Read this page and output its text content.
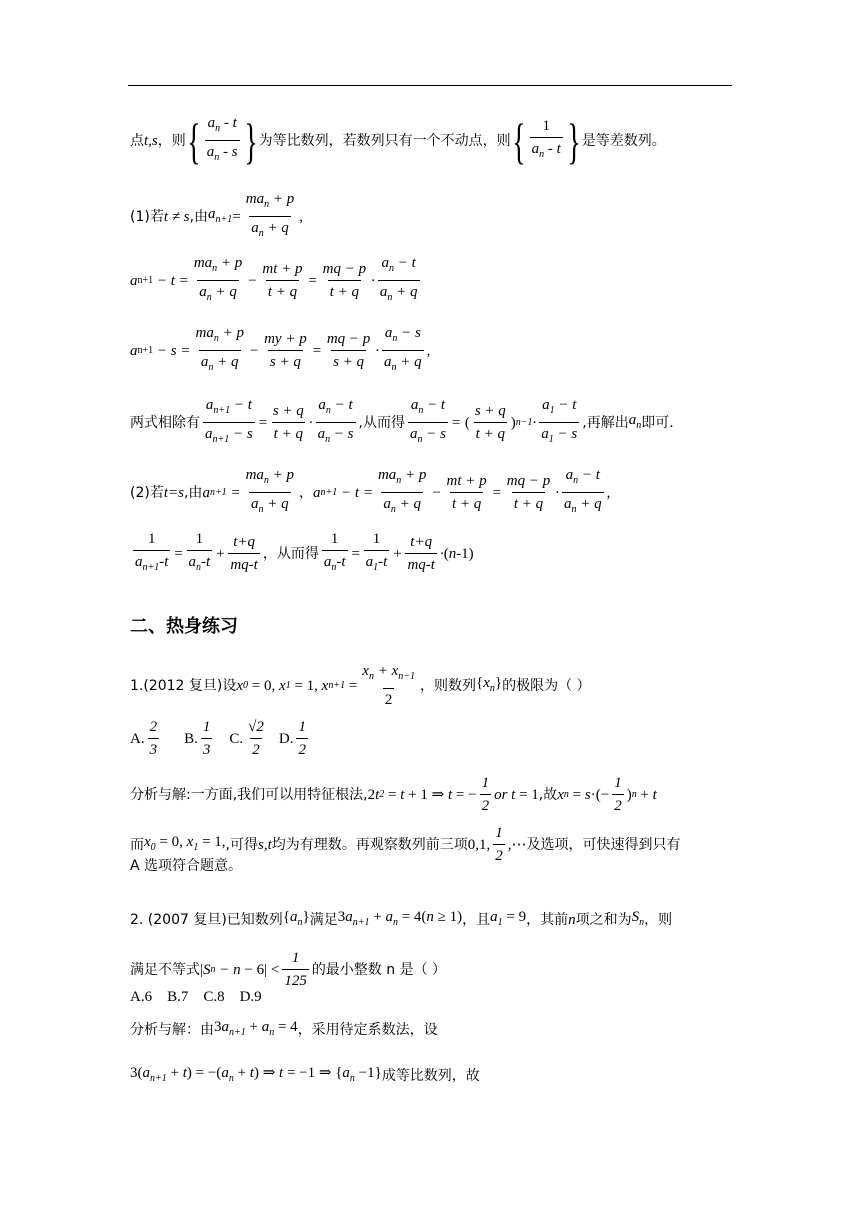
点 t,s ，则 { $\frac{a_n - t}{a_n - s}$ } 为等比数列，若数列只有一个不动点，则 { $\frac{1}{a_n - t}$ } 是等差数列。
(1)若 t ≠ s ,由 $a_{n+1} = \frac{ma_n + p}{a_n + q}$ ,
a $n+1 - t = \frac{ma_n + p}{a_n + q} - \frac{mt + p}{t + q} = \frac{mq - p}{t + q} \cdot \frac{a_n - t}{a_n + q}$
a $n+1 - s = \frac{ma_n + p}{a_n + q} - \frac{my + p}{s + q} = \frac{mq - p}{s + q} \cdot \frac{a_n - s}{a_n + q}$ ,
两式相除有 $\frac{a_{n+1} - t}{a_{n+1} - s} = \frac{s + q}{t + q} \cdot \frac{a_n - t}{a_n - s}$ ,从而得 $\frac{a_n - t}{a_n - s}$ = ( $\frac{s + q}{t + q}$ ) $n-1 \cdot \frac{a_1 - t}{a_1 - s}$ ,再解出 $a_n$ 即可.
(2)若 t=s ,由 a $n+1 = \frac{ma_n + p}{a_n + q}$ ， a $n+1 - t = \frac{ma_n + p}{a_n + q} - \frac{mt + p}{t + q} = \frac{mq - p}{t + q} \cdot \frac{a_n - t}{a_n + q}$ ,
$\frac{1}{a_{n+1}-t} = \frac{1}{a_n-t} + \frac{t+q}{mq-t}$ ，从而得 $\frac{1}{a_n-t} = \frac{1}{a_1-t} + \frac{t+q}{mq-t}$ · ( n -1)
二、热身练习
1.(2012 复旦)设 x 0
= 0, x 1
= 1, x n+1
= $\frac{x_n + x_{n-1}}{2}$ ，则数列 $\{x_n\}$ 的极限为（ ）
A. $\frac{2}{3} B$. $\frac{1}{3} C$. $\frac{√2}{2} D$. $\frac{1}{2}$
分析与解:一方面,我们可以用特征根法, 2 t 2
= t + 1 ⇒ t = − $\frac{1}{2}$ or t = 1 ,故 x n
= s ·(− $\frac{1}{2}$ ) n
+ t
而 $x_0 = 0$, $x_1 = 1$, ,可得 s,t 均为有理数。再观察数列前三项 0,1, $\frac{1}{2}$ ,⋯ 及选项，可快速得到只有
A 选项符合题意。
2. (2007 复旦)已知数列 $\{a_n\}$ 满足 $3a_{n+1} + a_n = 4(n \ge 1)$ ，且 $a_1 = 9$ ，其前 n 项之和为 $S_n$ ，则
满足不等式 | S $n - n - 6| < \frac{1}{125}$ 的最小整数 n 是（ ）
A.6    B.7    C.8    D.9
分析与解：由 $3a_{n+1} + a_n = 4$ ，采用待定系数法，设
$3(a_{n+1} + t) = -(a_n + t)$ ⇒ t = −1 ⇒ $\{a_n -1\}$ 成等比数列，故
